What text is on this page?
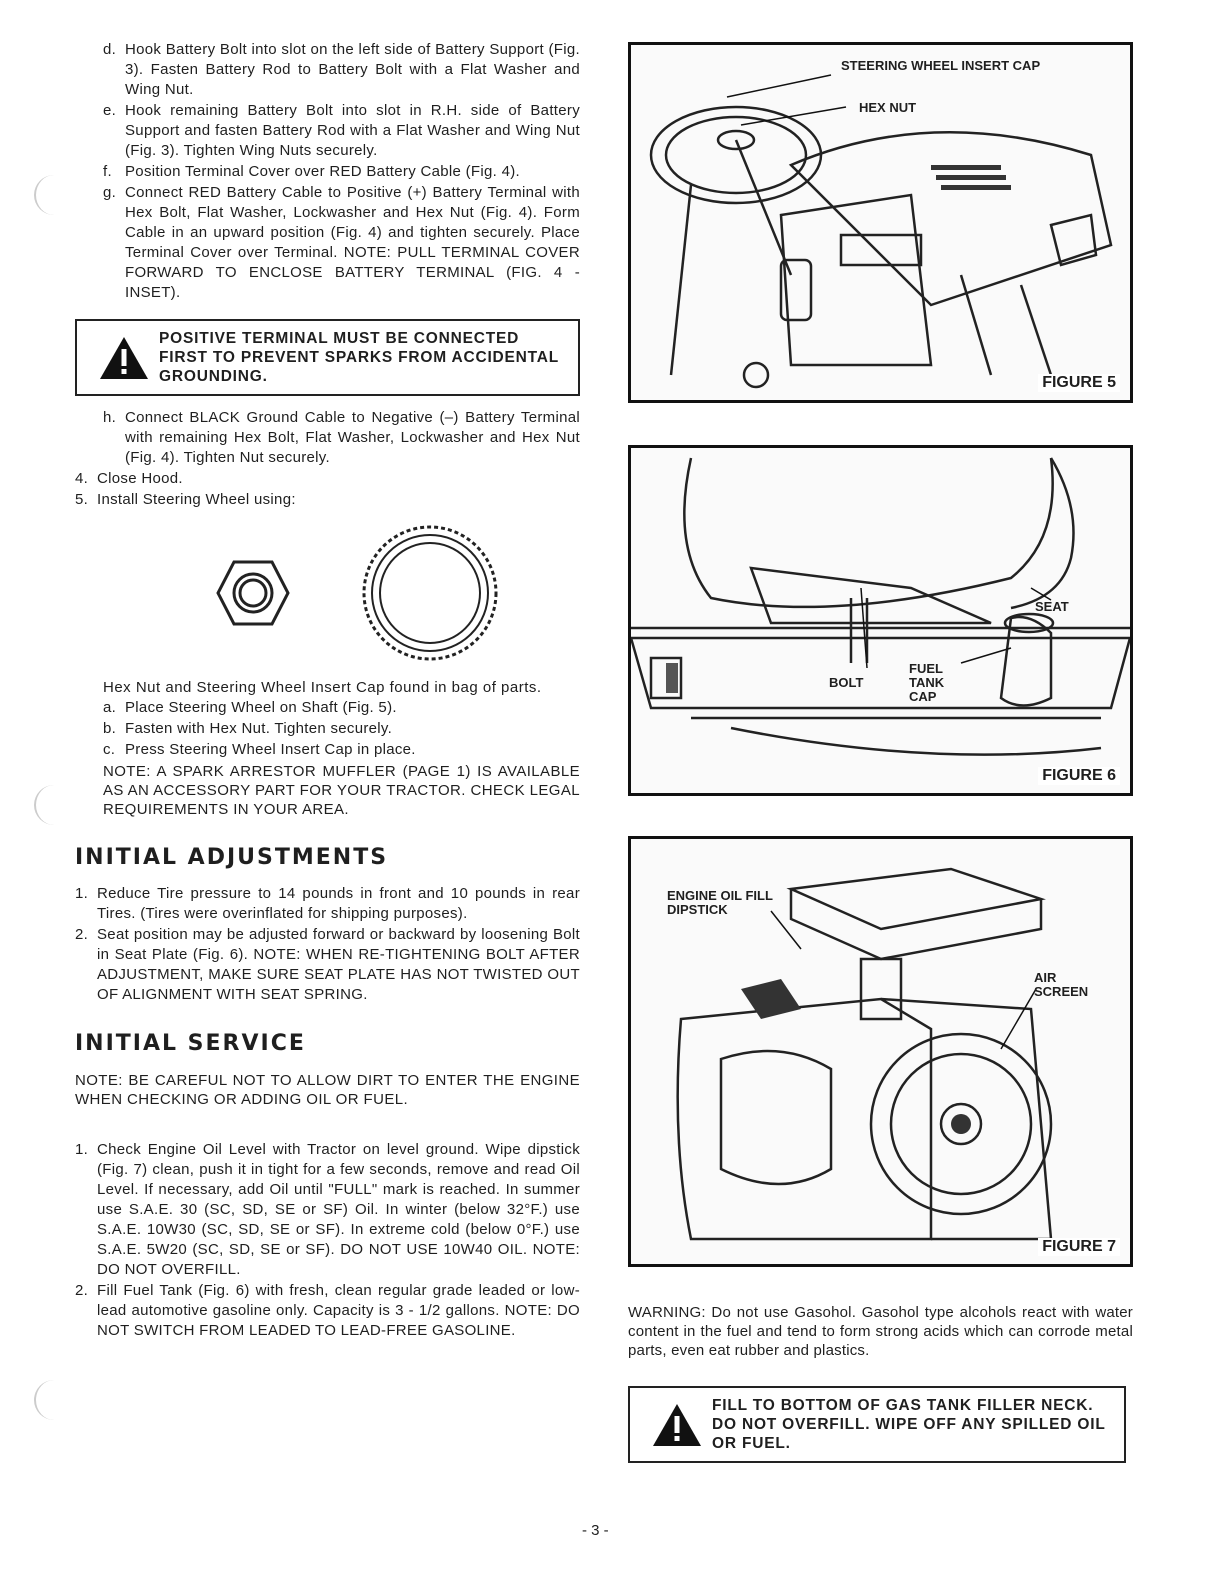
d. Hook Battery Bolt into slot on the left side of Battery Support (Fig. 3). Fasten Battery Rod to Battery Bolt with a Flat Washer and Wing Nut.
e. Hook remaining Battery Bolt into slot in R.H. side of Battery Support and fasten Battery Rod with a Flat Washer and Wing Nut (Fig. 3). Tighten Wing Nuts securely.
f. Position Terminal Cover over RED Battery Cable (Fig. 4).
g. Connect RED Battery Cable to Positive (+) Battery Terminal with Hex Bolt, Flat Washer, Lockwasher and Hex Nut (Fig. 4). Form Cable in an upward position (Fig. 4) and tighten securely. Place Terminal Cover over Terminal. NOTE: PULL TERMINAL COVER FORWARD TO ENCLOSE BATTERY TERMINAL (FIG. 4 - INSET).
POSITIVE TERMINAL MUST BE CONNECTED FIRST TO PREVENT SPARKS FROM ACCIDENTAL GROUNDING.
h. Connect BLACK Ground Cable to Negative (–) Battery Terminal with remaining Hex Bolt, Flat Washer, Lockwasher and Hex Nut (Fig. 4). Tighten Nut securely.
4. Close Hood.
5. Install Steering Wheel using:

Hex Nut and Steering Wheel Insert Cap found in bag of parts.

a. Place Steering Wheel on Shaft (Fig. 5).
b. Fasten with Hex Nut. Tighten securely.
c. Press Steering Wheel Insert Cap in place.

NOTE: A SPARK ARRESTOR MUFFLER (PAGE 1) IS AVAILABLE AS AN ACCESSORY PART FOR YOUR TRACTOR. CHECK LEGAL REQUIREMENTS IN YOUR AREA.

INITIAL ADJUSTMENTS
1. Reduce Tire pressure to 14 pounds in front and 10 pounds in rear Tires. (Tires were overinflated for shipping purposes).
2. Seat position may be adjusted forward or backward by loosening Bolt in Seat Plate (Fig. 6). NOTE: WHEN RE-TIGHTENING BOLT AFTER ADJUSTMENT, MAKE SURE SEAT PLATE HAS NOT TWISTED OUT OF ALIGNMENT WITH SEAT SPRING.
INITIAL SERVICE

NOTE: BE CAREFUL NOT TO ALLOW DIRT TO ENTER THE ENGINE WHEN CHECKING OR ADDING OIL OR FUEL.

1. Check Engine Oil Level with Tractor on level ground. Wipe dipstick (Fig. 7) clean, push it in tight for a few seconds, remove and read Oil Level. If necessary, add Oil until "FULL" mark is reached. In summer use S.A.E. 30 (SC, SD, SE or SF) Oil. In winter (below 32°F.) use S.A.E. 10W30 (SC, SD, SE or SF). In extreme cold (below 0°F.) use S.A.E. 5W20 (SC, SD, SE or SF). DO NOT USE 10W40 OIL. NOTE: DO NOT OVERFILL.
2. Fill Fuel Tank (Fig. 6) with fresh, clean regular grade leaded or low-lead automotive gasoline only. Capacity is 3 - 1/2 gallons. NOTE: DO NOT SWITCH FROM LEADED TO LEAD-FREE GASOLINE.
STEERING WHEEL INSERT CAP
HEX NUT
FIGURE 5
SEAT
BOLT
FUEL TANK CAP
FIGURE 6
ENGINE OIL FILL DIPSTICK
AIR SCREEN
FIGURE 7

WARNING: Do not use Gasohol. Gasohol type alcohols react with water content in the fuel and tend to form strong acids which can corrode metal parts, even eat rubber and plastics.

FILL TO BOTTOM OF GAS TANK FILLER NECK. DO NOT OVERFILL. WIPE OFF ANY SPILLED OIL OR FUEL.
- 3 -
